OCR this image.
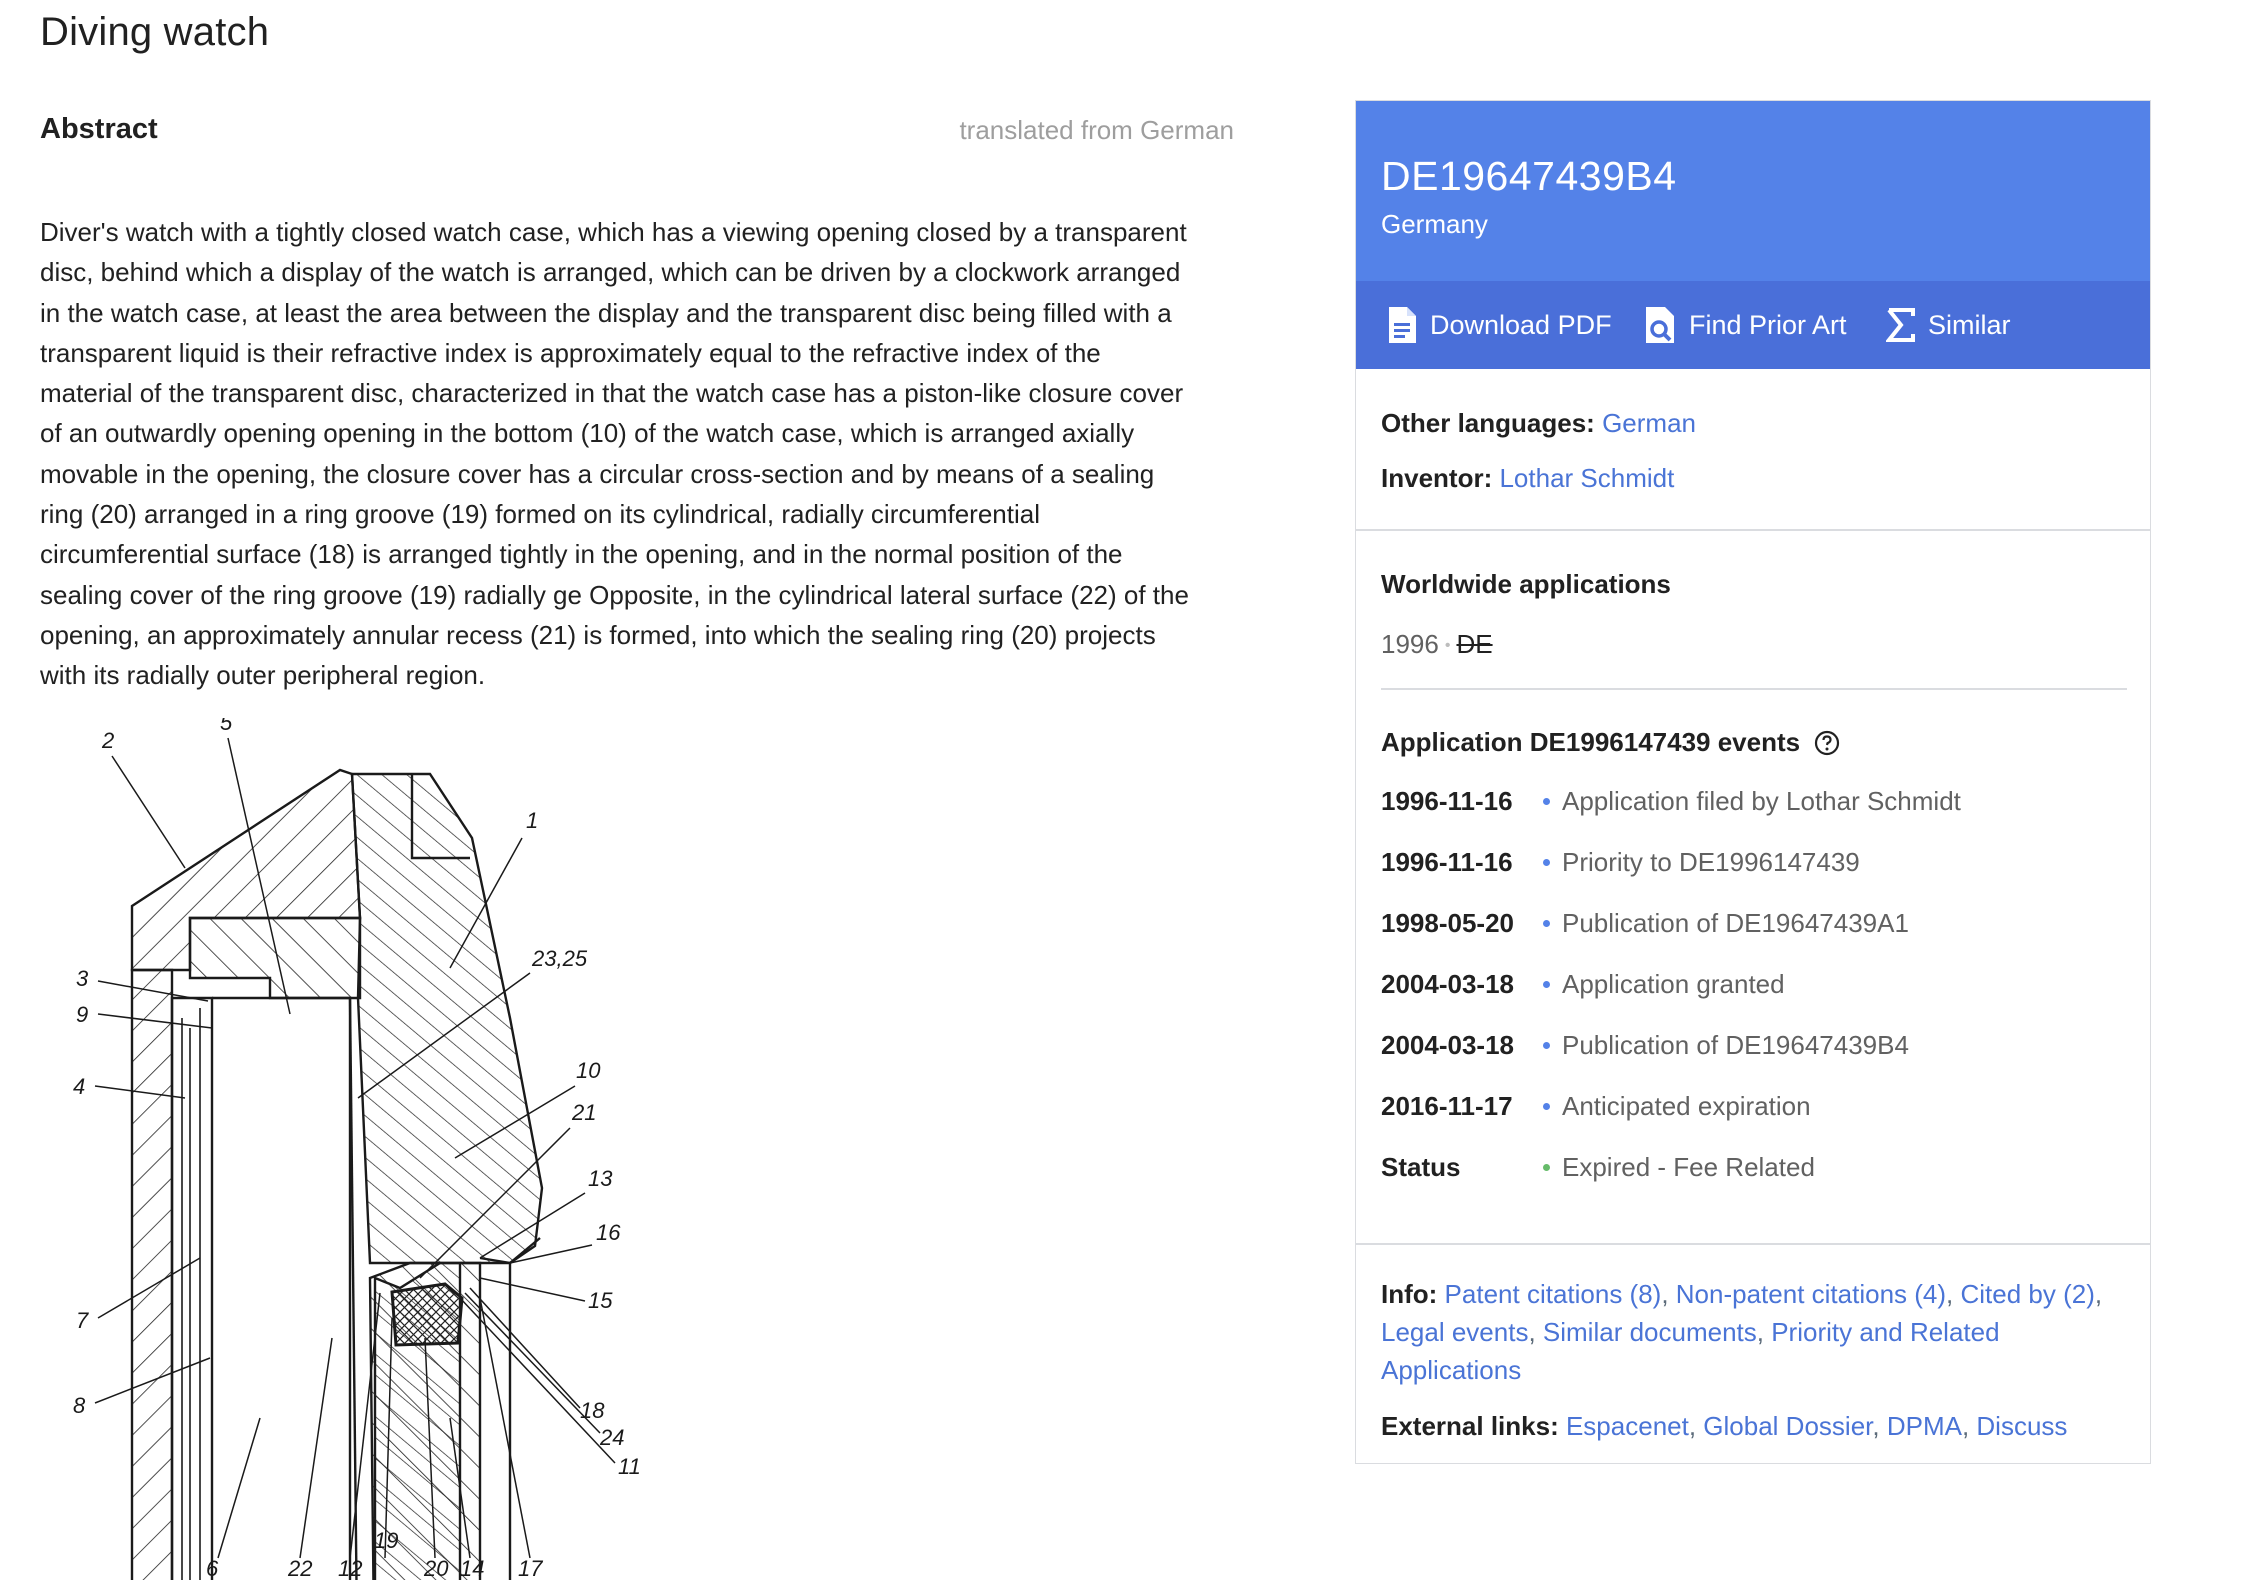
Diving watch
Abstract	translated from German
Diver's watch with a tightly closed watch case, which has a viewing opening closed by a transparent
disc, behind which a display of the watch is arranged, which can be driven by a clockwork arranged
in the watch case, at least the area between the display and the transparent disc being filled with a
transparent liquid is their refractive index is approximately equal to the refractive index of the
material of the transparent disc, characterized in that the watch case has a piston-like closure cover
of an outwardly opening opening in the bottom (10) of the watch case, which is arranged axially
movable in the opening, the closure cover has a circular cross-section and by means of a sealing
ring (20) arranged in a ring groove (19) formed on its cylindrical, radially circumferential
circumferential surface (18) is arranged tightly in the opening, and in the normal position of the
sealing cover of the ring groove (19) radially ge Opposite, in the cylindrical lateral surface (22) of the
opening, an approximately annular recess (21) is formed, into which the sealing ring (20) projects
with its radially outer peripheral region.
2
5
1
3
9
4
23,25
10
21
13
16
15
7
8	18
24
11
6	22 12
19
20 14 17
DE19647439B4
Germany
Download PDF	Find Prior Art	Similar
Other languages: German
Inventor: Lothar Schmidt
Worldwide applications
1996 • DE
Application DE1996147439 events
1996-11-16	Application filed by Lothar Schmidt
1996-11-16	Priority to DE1996147439
1998-05-20	Publication of DE19647439A1
2004-03-18	Application granted
2004-03-18	Publication of DE19647439B4
2016-11-17	Anticipated expiration
Status	Expired - Fee Related
Info: Patent citations (8), Non-patent citations (4), Cited by (2),
Legal events, Similar documents, Priority and Related
Applications
External links: Espacenet, Global Dossier, DPMA, Discuss
